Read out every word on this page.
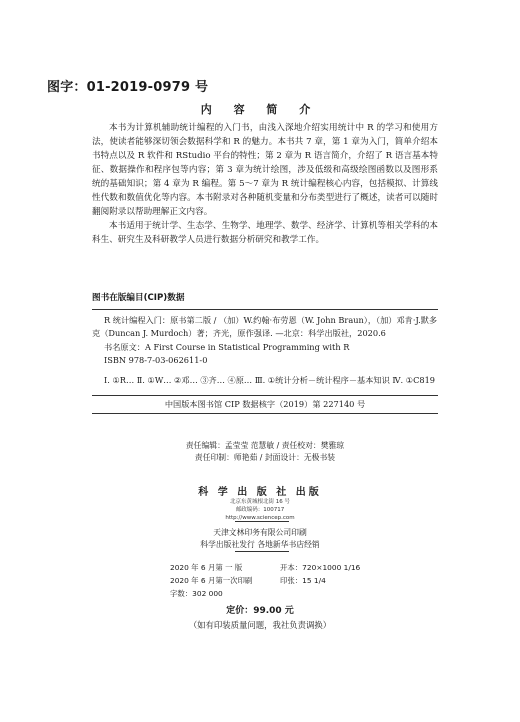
图字：01-2019-0979 号
内 容 简 介

本书为计算机辅助统计编程的入门书，由浅入深地介绍实用统计中 R 的学习和使用方法，使读者能够深切领会数据科学和 R 的魅力。本书共 7 章，第 1 章为入门，简单介绍本书特点以及 R 软件和 RStudio 平台的特性；第 2 章为 R 语言简介，介绍了 R 语言基本特征、数据操作和程序包等内容；第 3 章为统计绘图，涉及低级和高级绘图函数以及图形系统的基础知识；第 4 章为 R 编程。第 5～7 章为 R 统计编程核心内容，包括模拟、计算线性代数和数值优化等内容。本书附录对各种随机变量和分布类型进行了概述，读者可以随时翻阅附录以帮助理解正文内容。

本书适用于统计学、生态学、生物学、地理学、数学、经济学、计算机等相关学科的本科生、研究生及科研教学人员进行数据分析研究和教学工作。

图书在版编目(CIP)数据

R 统计编程入门：原书第二版 / （加）W.约翰·布劳恩（W. John Braun），（加）邓肯·J.默多克（Duncan J. Murdoch）著；齐光，原作强译. —北京：科学出版社，2020.6

书名原文：A First Course in Statistical Programming with R

ISBN 978-7-03-062611-0

Ⅰ. ①R… Ⅱ. ①W… ②邓… ③齐… ④原… Ⅲ. ①统计分析－统计程序－基本知识 Ⅳ. ①C819

中国版本图书馆 CIP 数据核字（2019）第 227140 号

责任编辑：孟莹莹 范慧敏 / 责任校对：樊雅琼
责任印制：师艳茹 / 封面设计：无极书装
科 学 出 版 社 出版
北京东黄城根北街 16 号
邮政编码：100717
http://www.sciencep.com
天津文林印务有限公司印刷
科学出版社发行 各地新华书店经销
2020 年 6 月第 一 版	开本：720×1000 1/16
2020 年 6 月第一次印刷	印张：15 1/4
字数：302 000
定价：99.00 元
（如有印装质量问题，我社负责调换）
